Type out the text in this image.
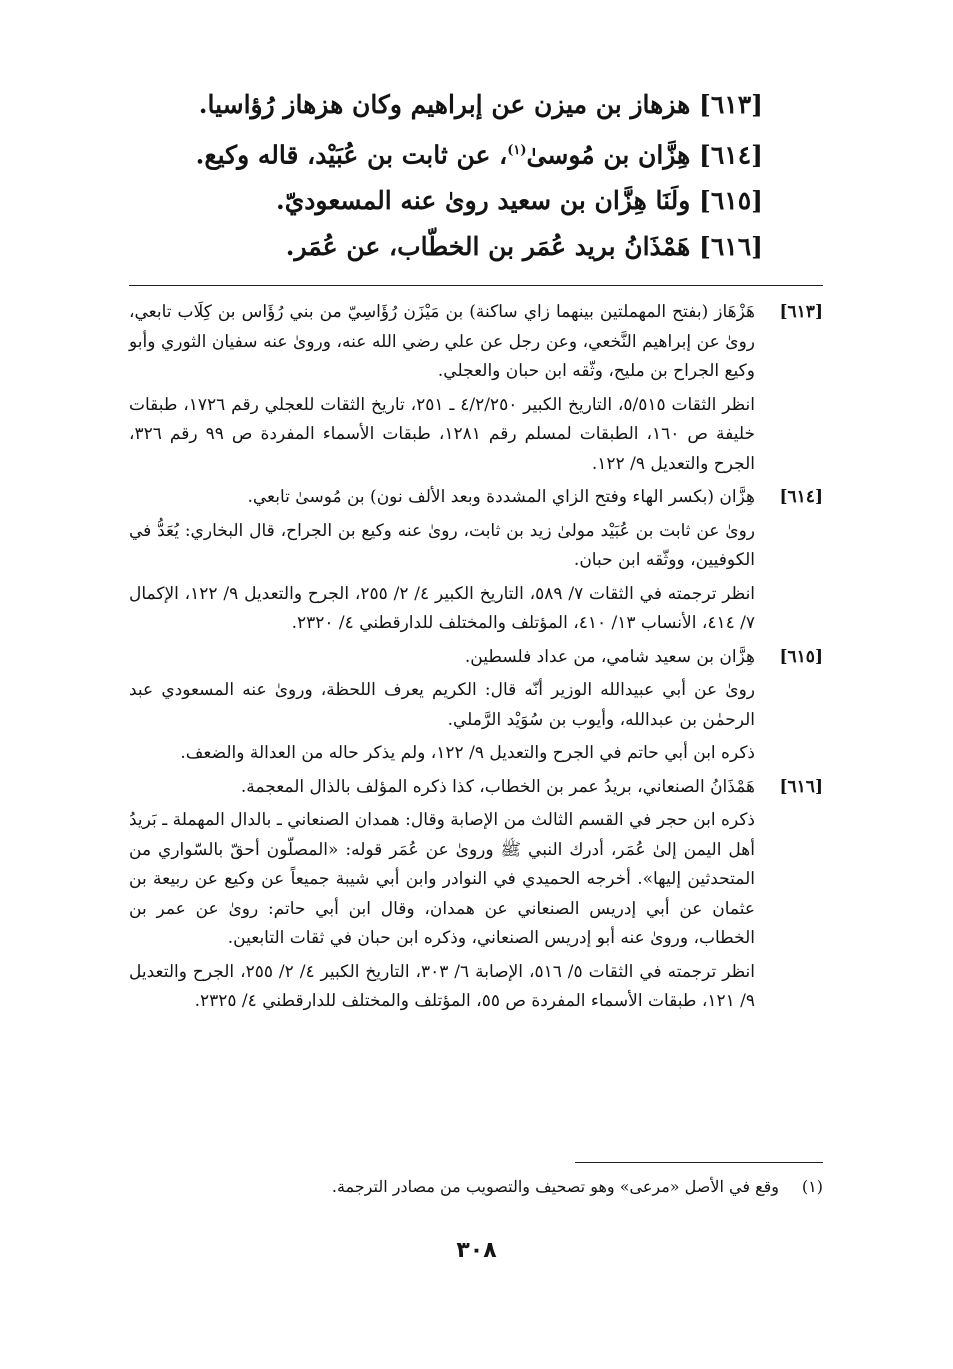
[٦١٣] هزهاز بن ميزن عن إبراهيم وكان هزهاز رُؤاسيا.
[٦١٤] هِزَّان بن مُوسىٰ$^{(١)}$، عن ثابت بن عُبَيْد، قاله وكيع.
[٦١٥] ولَنَا هِزَّان بن سعيد روىٰ عنه المسعوديّ.
[٦١٦] هَمْذَانُ بريد عُمَر بن الخطّاب، عن عُمَر.
[٦١٣]

هَزْهَاز (بفتح المهملتين بينهما زاي ساكنة) بن مَيْزَن رُؤَاسِيّ من بني رُؤَاس بن كِلَاب تابعي، روىٰ عن إبراهيم النَّخعي، وعن رجل عن علي رضي الله عنه، وروىٰ عنه سفيان الثوري وأبو وكيع الجراح بن مليح، وثّقه ابن حبان والعجلي.

انظر الثقات ٥/٥١٥، التاريخ الكبير ٤/٢/٢٥٠ ـ ٢٥١، تاريخ الثقات للعجلي رقم ١٧٢٦، طبقات خليفة ص ١٦٠، الطبقات لمسلم رقم ١٢٨١، طبقات الأسماء المفردة ص ٩٩ رقم ٣٢٦، الجرح والتعديل ٩/ ١٢٢.

[٦١٤]

هِزَّان (بكسر الهاء وفتح الزاي المشددة وبعد الألف نون) بن مُوسىٰ تابعي.

روىٰ عن ثابت بن عُبَيْد مولىٰ زيد بن ثابت، روىٰ عنه وكيع بن الجراح، قال البخاري: يُعَدُّ في الكوفيين، ووثّقه ابن حبان.

انظر ترجمته في الثقات ٧/ ٥٨٩، التاريخ الكبير ٤/ ٢/ ٢٥٥، الجرح والتعديل ٩/ ١٢٢، الإكمال ٧/ ٤١٤، الأنساب ١٣/ ٤١٠، المؤتلف والمختلف للدارقطني ٤/ ٢٣٢٠.

[٦١٥]

هِزَّان بن سعيد شامي، من عداد فلسطين.

روىٰ عن أبي عبيدالله الوزير أنّه قال: الكريم يعرف اللحظة، وروىٰ عنه المسعودي عبد الرحمٰن بن عبدالله، وأيوب بن سُوَيْد الرَّملي.

ذكره ابن أبي حاتم في الجرح والتعديل ٩/ ١٢٢، ولم يذكر حاله من العدالة والضعف.

[٦١٦]

هَمْذَانُ الصنعاني، بريدُ عمر بن الخطاب، كذا ذكره المؤلف بالذال المعجمة.

ذكره ابن حجر في القسم الثالث من الإصابة وقال: همدان الصنعاني ـ بالدال المهملة ـ بَريدُ أهل اليمن إلىٰ عُمَر، أدرك النبي ﷺ وروىٰ عن عُمَر قوله: «المصلّون أحقّ بالسّواري من المتحدثين إليها». أخرجه الحميدي في النوادر وابن أبي شيبة جميعاً عن وكيع عن ربيعة بن عثمان عن أبي إدريس الصنعاني عن همدان، وقال ابن أبي حاتم: روىٰ عن عمر بن الخطاب، وروىٰ عنه أبو إدريس الصنعاني، وذكره ابن حبان في ثقات التابعين.

انظر ترجمته في الثقات ٥/ ٥١٦، الإصابة ٦/ ٣٠٣، التاريخ الكبير ٤/ ٢/ ٢٥٥، الجرح والتعديل ٩/ ١٢١، طبقات الأسماء المفردة ص ٥٥، المؤتلف والمختلف للدارقطني ٤/ ٢٣٢٥.

(١)وقع في الأصل «مرعى» وهو تصحيف والتصويب من مصادر الترجمة.
٣٠٨
